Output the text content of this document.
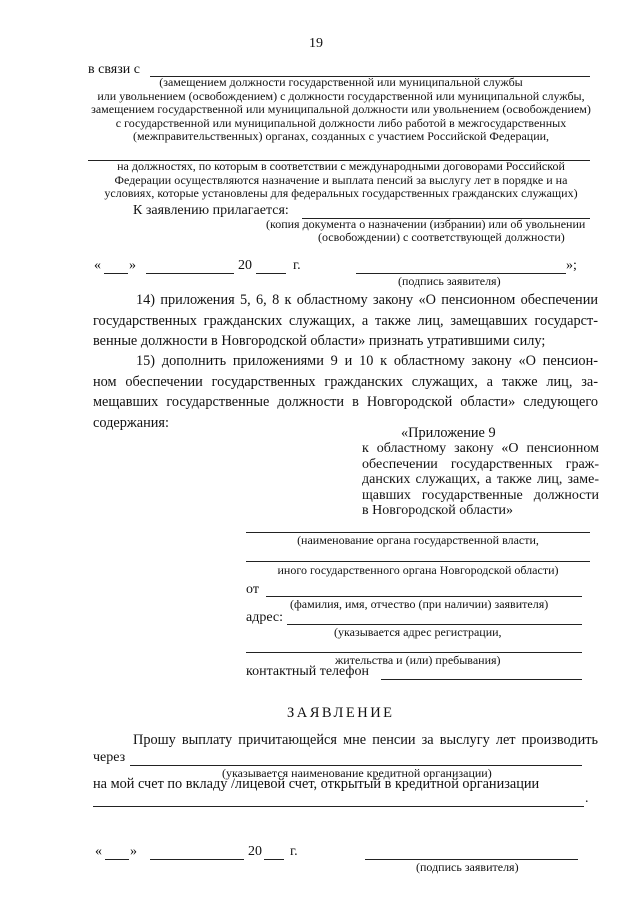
19
в связи с
(замещением должности государственной или муниципальной службы
или увольнением (освобождением) с должности государственной или муниципальной службы,
замещением государственной или муниципальной должности или увольнением (освобождением)
с государственной или муниципальной должности либо работой в межгосударственных
(межправительственных) органах, созданных с участием Российской Федерации,
на должностях, по которым в соответствии с международными договорами Российской
Федерации осуществляются назначение и выплата пенсий за выслугу лет в порядке и на
условиях, которые установлены для федеральных государственных гражданских служащих)
К заявлению прилагается:
(копия документа о назначении (избрании) или об увольнении
(освобождении) с соответствующей должности)
« »	20	г.	»;
(подпись заявителя)
14) приложения 5, 6, 8 к областному закону «О пенсионном обеспечении
государственных гражданских служащих, а также лиц, замещавших государст-
венные должности в Новгородской области» признать утратившими силу;
15) дополнить приложениями 9 и 10 к областному закону «О пенсион-
ном обеспечении государственных гражданских служащих, а также лиц, за-
мещавших государственные должности в Новгородской области» следующего
содержания:
«Приложение 9
к областному закону «О пенсионном
обеспечении государственных граж-
данских служащих, а также лиц, заме-
щавших государственные должности
в Новгородской области»
(наименование органа государственной власти,
иного государственного органа Новгородской области)
от
(фамилия, имя, отчество (при наличии) заявителя)
адрес:
(указывается адрес регистрации,
жительства и (или) пребывания)
контактный телефон
ЗАЯВЛЕНИЕ
Прошу выплату причитающейся мне пенсии за выслугу лет производить
через
(указывается наименование кредитной организации)
на мой счет по вкладу /лицевой счет, открытый в кредитной организации
.
« »	20 г.
(подпись заявителя)
